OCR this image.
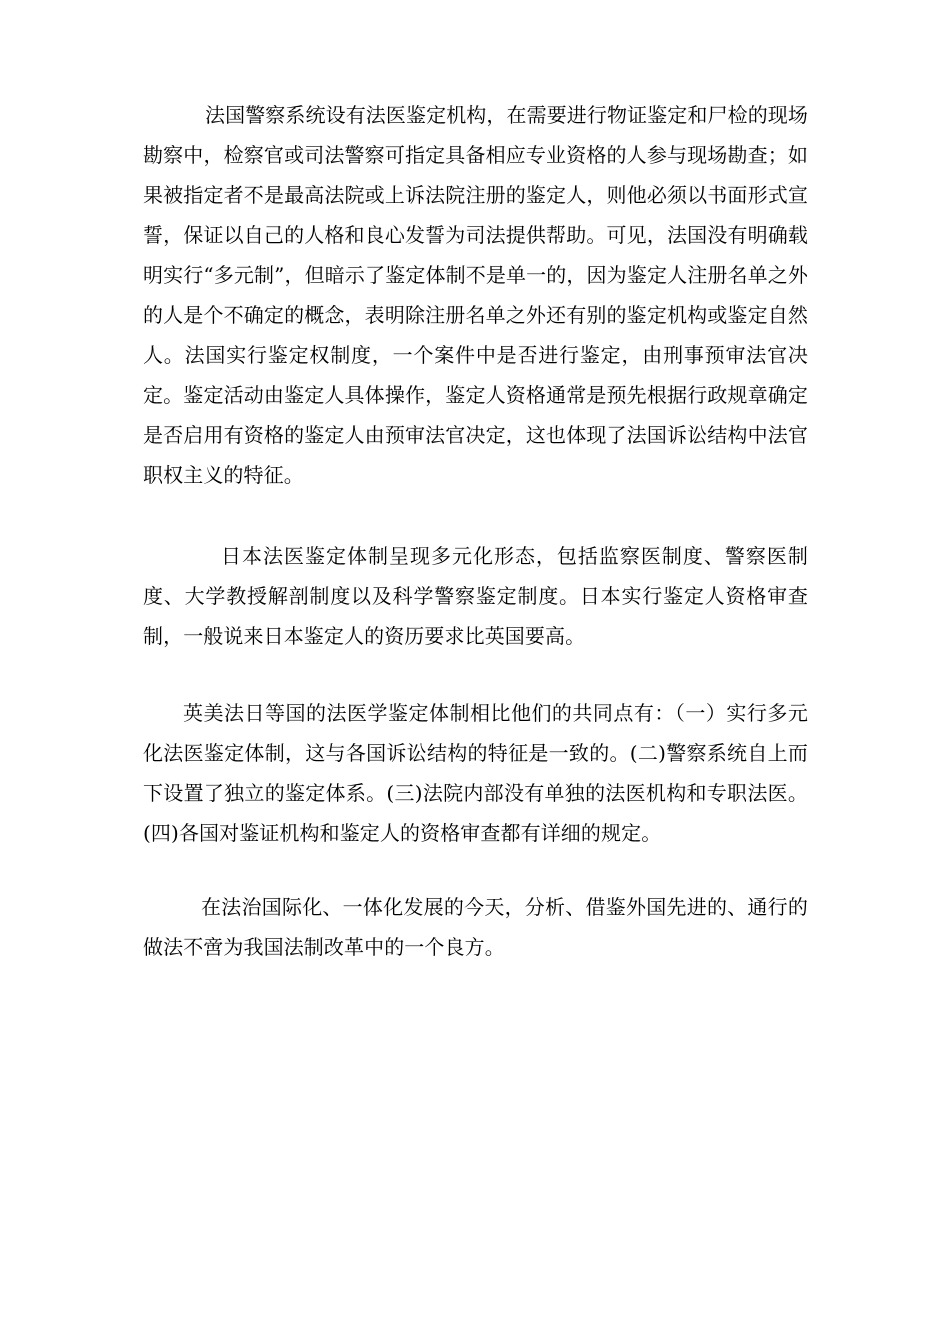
法国警察系统设有法医鉴定机构，在需要进行物证鉴定和尸检的现场勘察中，检察官或司法警察可指定具备相应专业资格的人参与现场勘查；如果被指定者不是最高法院或上诉法院注册的鉴定人，则他必须以书面形式宣誓，保证以自己的人格和良心发誓为司法提供帮助。可见，法国没有明确载明实行“多元制”，但暗示了鉴定体制不是单一的，因为鉴定人注册名单之外的人是个不确定的概念，表明除注册名单之外还有别的鉴定机构或鉴定自然人。法国实行鉴定权制度，一个案件中是否进行鉴定，由刑事预审法官决定。鉴定活动由鉴定人具体操作，鉴定人资格通常是预先根据行政规章确定是否启用有资格的鉴定人由预审法官决定，这也体现了法国诉讼结构中法官职权主义的特征。

日本法医鉴定体制呈现多元化形态，包括监察医制度、警察医制度、大学教授解剖制度以及科学警察鉴定制度。日本实行鉴定人资格审查制，一般说来日本鉴定人的资历要求比英国要高。

英美法日等国的法医学鉴定体制相比他们的共同点有：（一）实行多元化法医鉴定体制，这与各国诉讼结构的特征是一致的。(二)警察系统自上而下设置了独立的鉴定体系。(三)法院内部没有单独的法医机构和专职法医。(四)各国对鉴证机构和鉴定人的资格审查都有详细的规定。

在法治国际化、一体化发展的今天，分析、借鉴外国先进的、通行的做法不啻为我国法制改革中的一个良方。
